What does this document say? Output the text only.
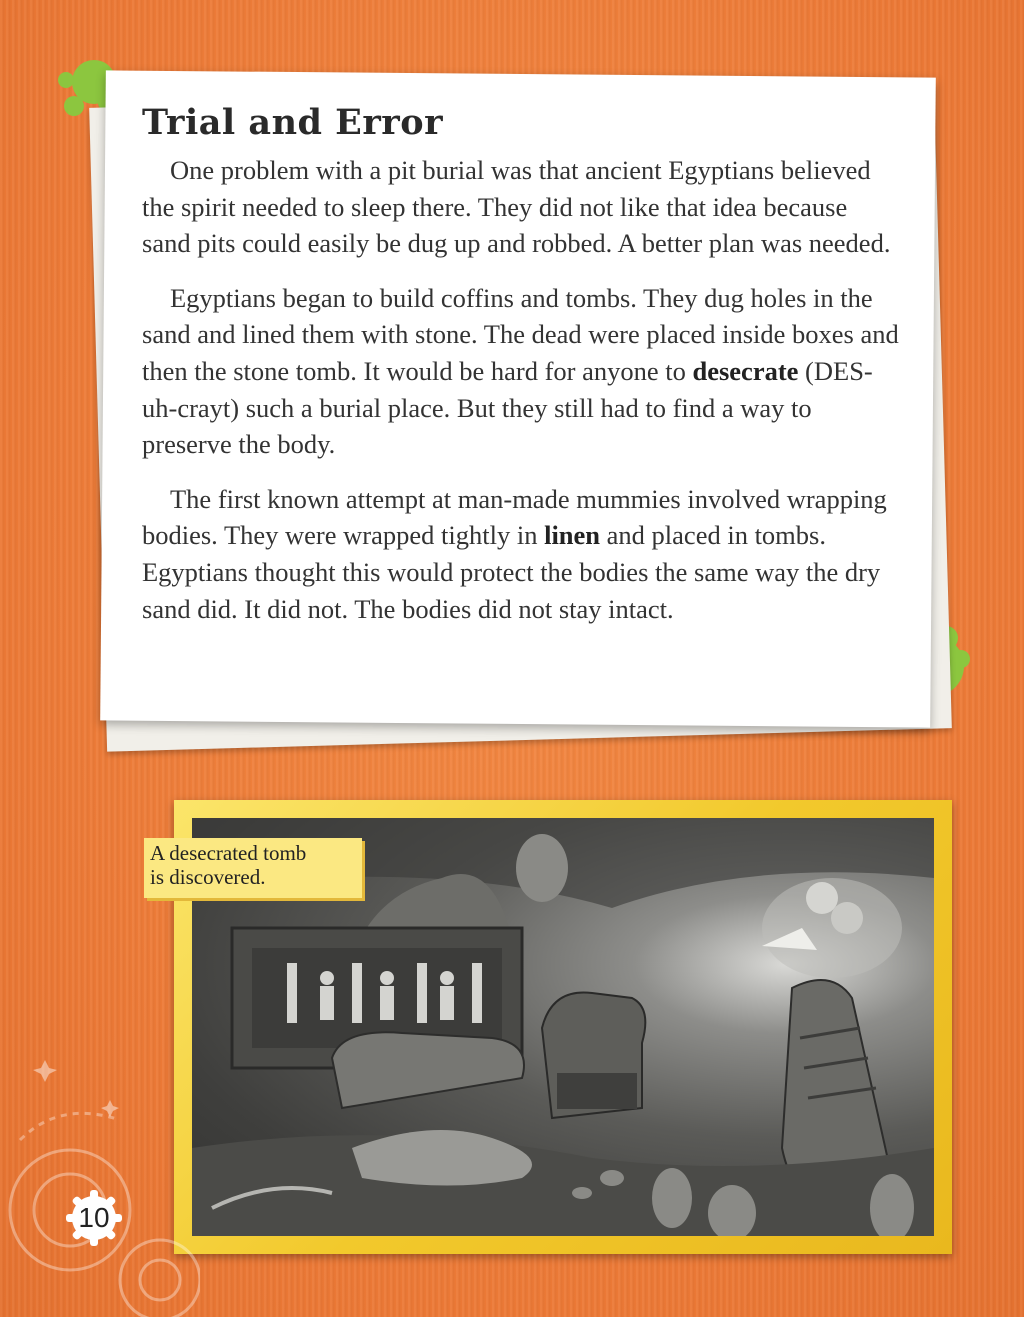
Trial and Error

One problem with a pit burial was that ancient Egyptians believed the spirit needed to sleep there. They did not like that idea because sand pits could easily be dug up and robbed. A better plan was needed.

Egyptians began to build coffins and tombs. They dug holes in the sand and lined them with stone. The dead were placed inside boxes and then the stone tomb. It would be hard for anyone to desecrate (DES-uh-crayt) such a burial place. But they still had to find a way to preserve the body.

The first known attempt at man-made mummies involved wrapping bodies. They were wrapped tightly in linen and placed in tombs. Egyptians thought this would protect the bodies the same way the dry sand did. It did not. The bodies did not stay intact.

A desecrated tomb
is discovered.
10
